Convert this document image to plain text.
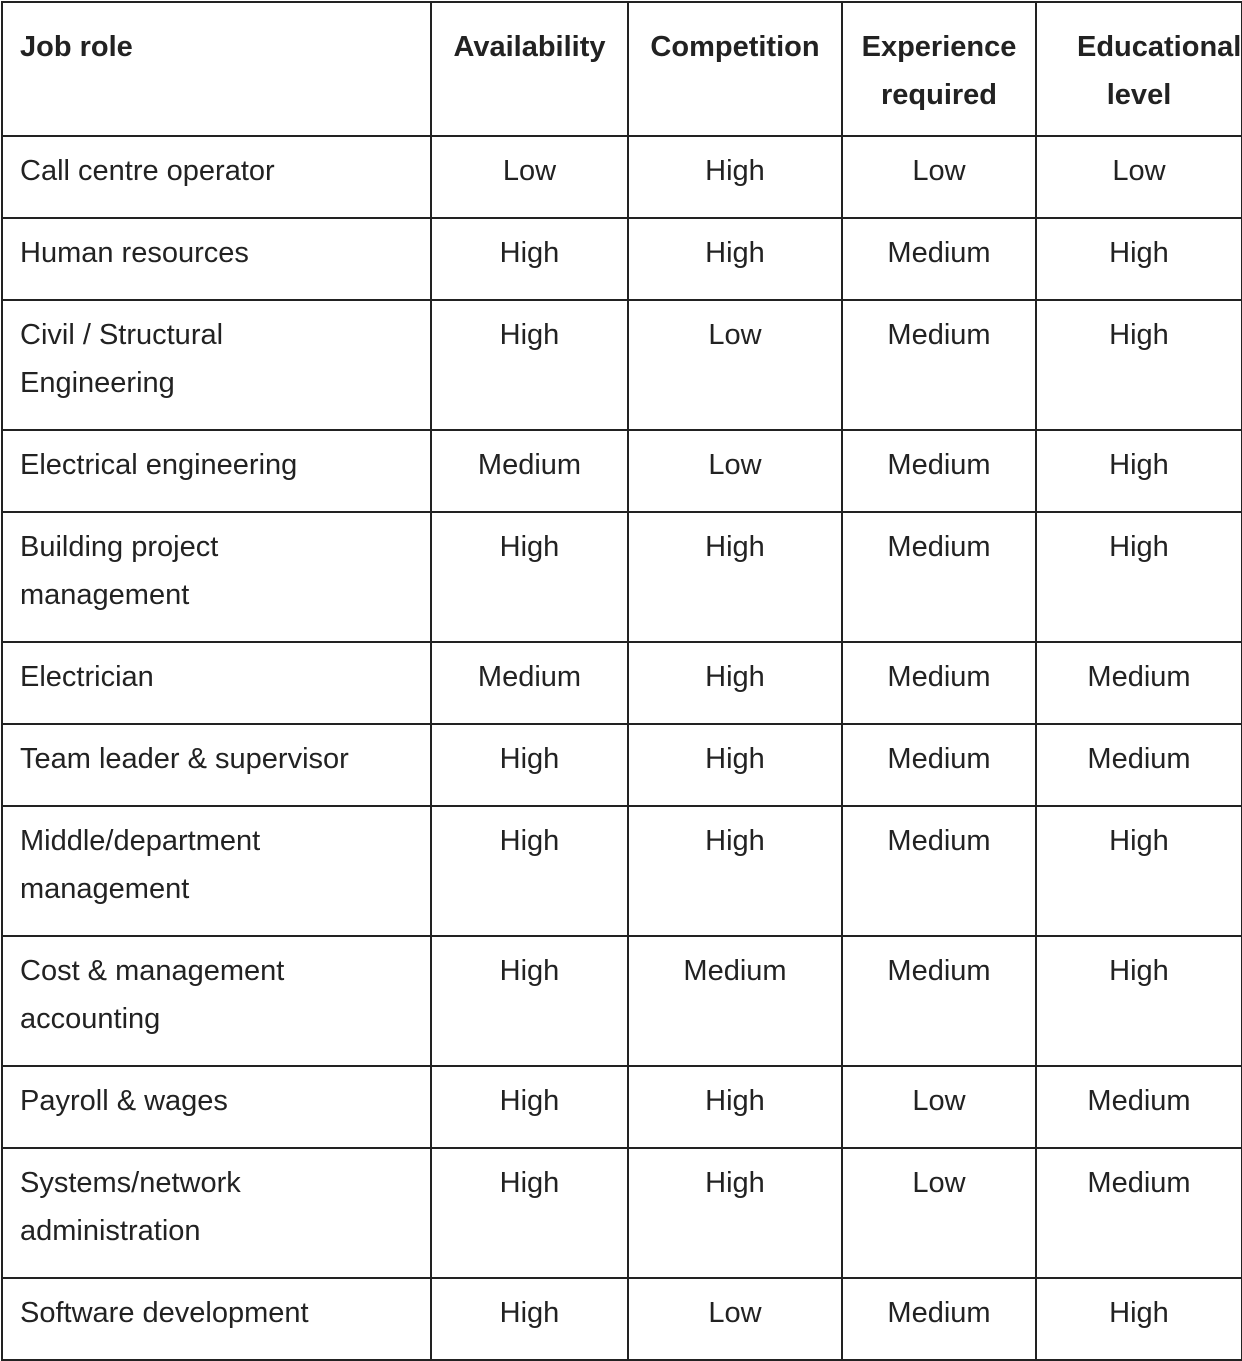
Job role	Availability	Competition	Experience required	Educational level
Call centre operator	Low	High	Low	Low
Human resources	High	High	Medium	High
Civil / Structural Engineering	High	Low	Medium	High
Electrical engineering	Medium	Low	Medium	High
Building project management	High	High	Medium	High
Electrician	Medium	High	Medium	Medium
Team leader & supervisor	High	High	Medium	Medium
Middle/department management	High	High	Medium	High
Cost & management accounting	High	Medium	Medium	High
Payroll & wages	High	High	Low	Medium
Systems/network administration	High	High	Low	Medium
Software development	High	Low	Medium	High
